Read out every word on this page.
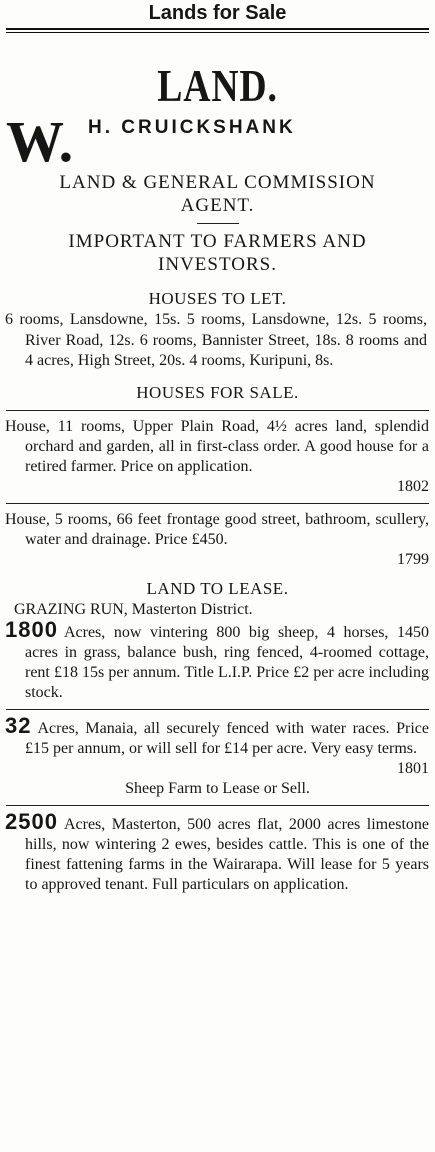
Lands for Sale
LAND.
W. H. CRUICKSHANK
LAND & GENERAL COMMISSION
AGENT.
IMPORTANT TO FARMERS AND
INVESTORS.
HOUSES TO LET.
6 rooms, Lansdowne, 15s. 5 rooms, Lansdowne, 12s. 5 rooms, River Road, 12s. 6 rooms, Bannister Street, 18s. 8 rooms and 4 acres, High Street, 20s. 4 rooms, Kuripuni, 8s.
HOUSES FOR SALE.
House, 11 rooms, Upper Plain Road, 4½ acres land, splendid orchard and garden, all in first-class order. A good house for a retired farmer. Price on application.
1802
House, 5 rooms, 66 feet frontage good street, bathroom, scullery, water and drainage. Price £450.
1799
LAND TO LEASE.
GRAZING RUN, Masterton District.
1800 Acres, now vintering 800 big sheep, 4 horses, 1450 acres in grass, balance bush, ring fenced, 4-roomed cottage, rent £18 15s per annum. Title L.I.P. Price £2 per acre including stock.
32 Acres, Manaia, all securely fenced with water races. Price £15 per annum, or will sell for £14 per acre. Very easy terms.
1801
Sheep Farm to Lease or Sell.
2500 Acres, Masterton, 500 acres flat, 2000 acres limestone hills, now wintering 2 ewes, besides cattle. This is one of the finest fattening farms in the Wairarapa. Will lease for 5 years to approved tenant. Full particulars on application.
